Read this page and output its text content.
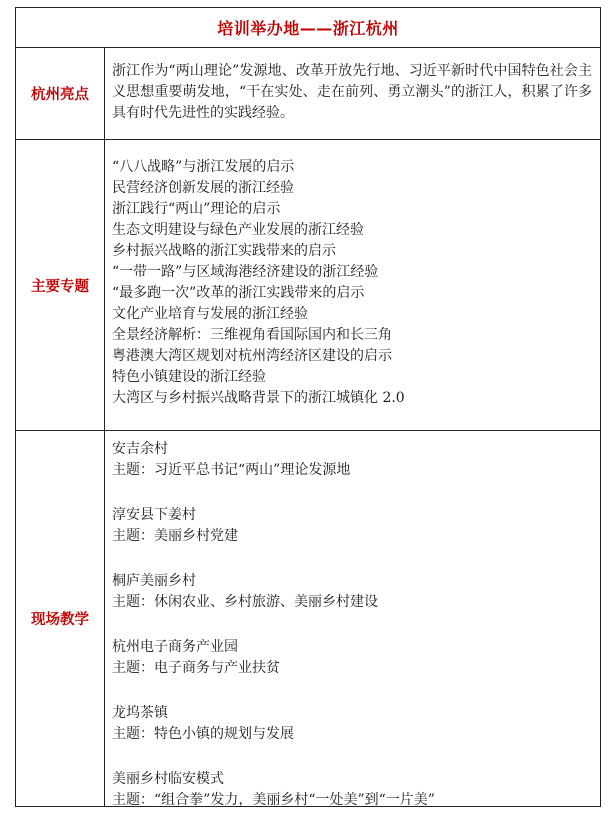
培训举办地——浙江杭州
杭州亮点

浙江作为“两山理论”发源地、改革开放先行地、习近平新时代中国特色社会主义思想重要萌发地，“干在实处、走在前列、勇立潮头”的浙江人，积累了许多具有时代先进性的实践经验。

主要专题

“八八战略”与浙江发展的启示

民营经济创新发展的浙江经验

浙江践行“两山”理论的启示

生态文明建设与绿色产业发展的浙江经验

乡村振兴战略的浙江实践带来的启示

“一带一路”与区域海港经济建设的浙江经验

“最多跑一次”改革的浙江实践带来的启示

文化产业培育与发展的浙江经验

全景经济解析：三维视角看国际国内和长三角

粤港澳大湾区规划对杭州湾经济区建设的启示

特色小镇建设的浙江经验

大湾区与乡村振兴战略背景下的浙江城镇化 2.0

现场教学

安吉余村

主题：习近平总书记“两山”理论发源地

淳安县下姜村

主题：美丽乡村党建

桐庐美丽乡村

主题：休闲农业、乡村旅游、美丽乡村建设

杭州电子商务产业园

主题：电子商务与产业扶贫

龙坞茶镇

主题：特色小镇的规划与发展

美丽乡村临安模式

主题：“组合拳”发力，美丽乡村“一处美”到“一片美”
